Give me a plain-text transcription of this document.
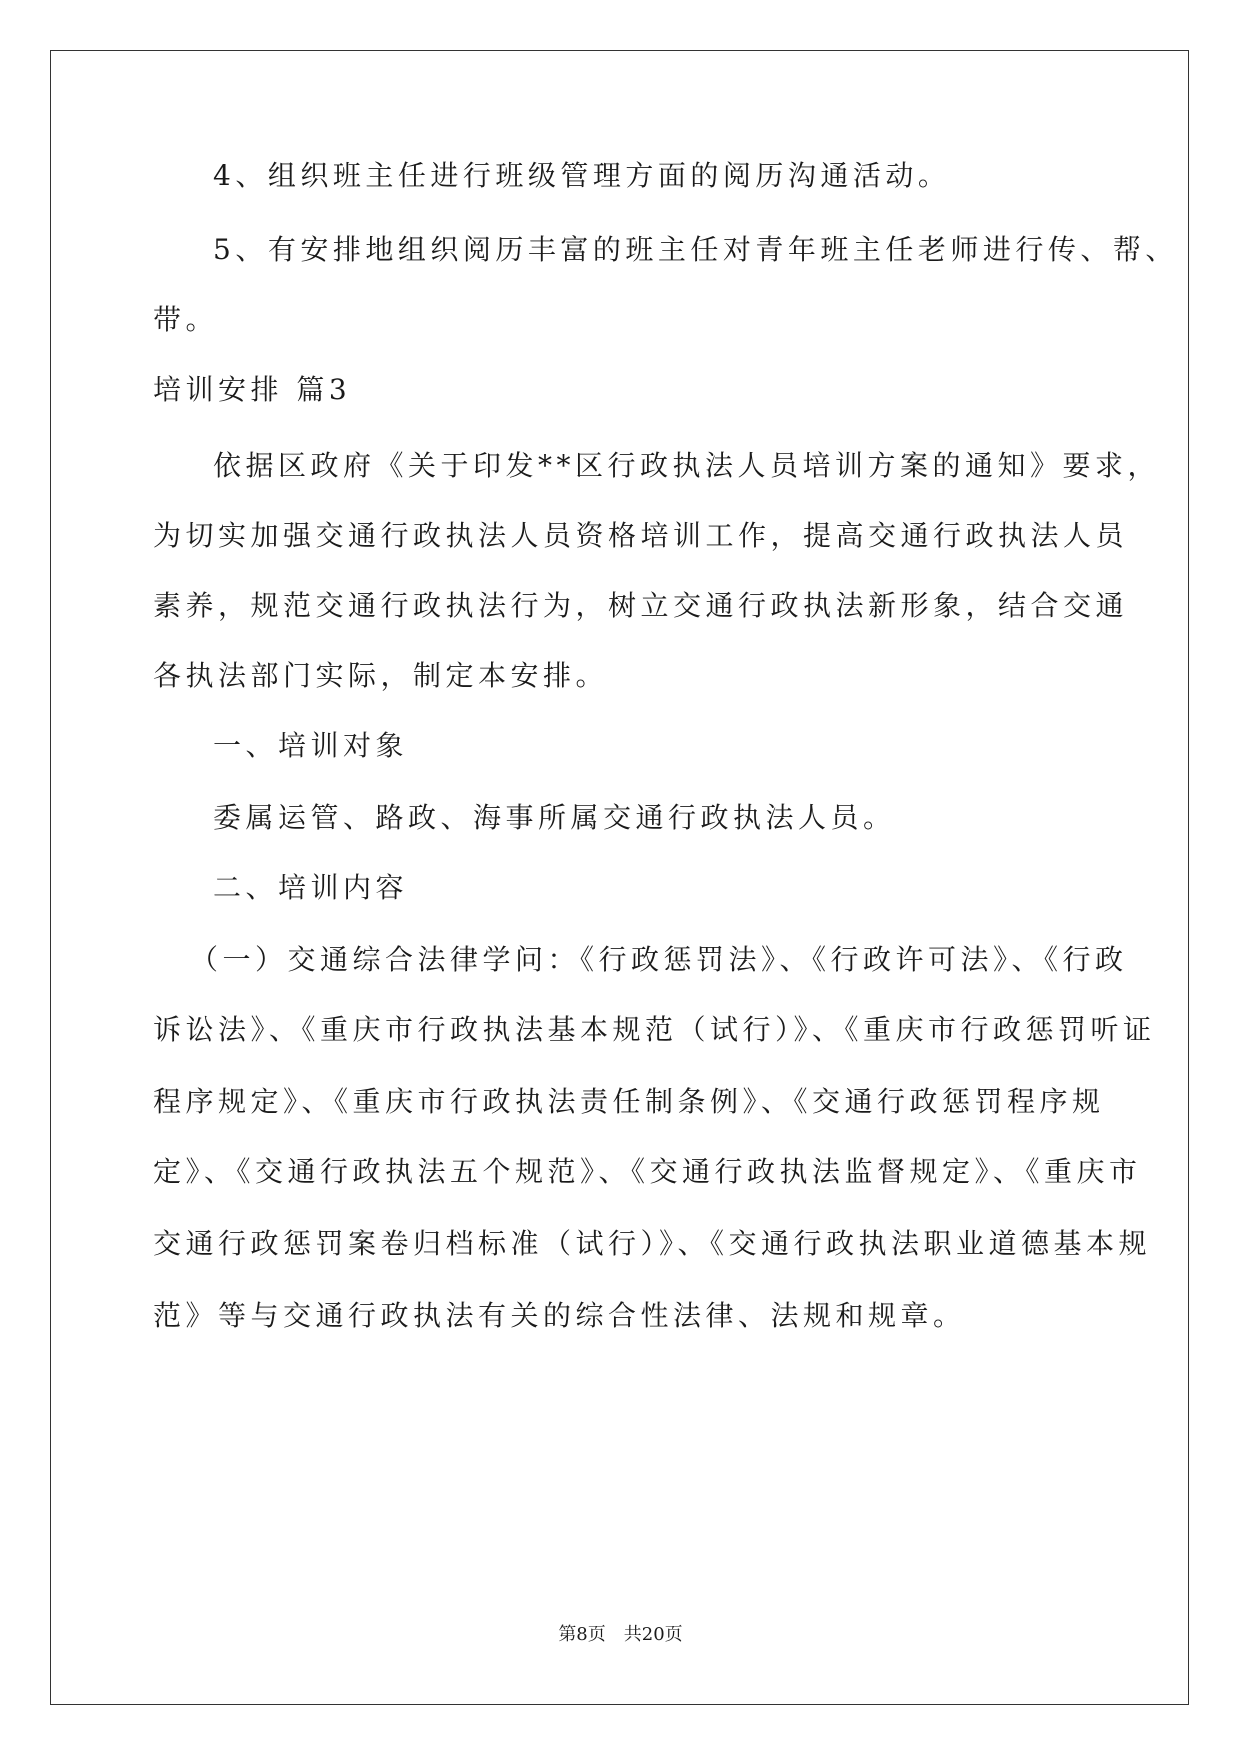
4、组织班主任进行班级管理方面的阅历沟通活动。
5、有安排地组织阅历丰富的班主任对青年班主任老师进行传、帮、
带。
培训安排 篇3
依据区政府《关于印发**区行政执法人员培训方案的通知》要求，
为切实加强交通行政执法人员资格培训工作，提高交通行政执法人员
素养，规范交通行政执法行为，树立交通行政执法新形象，结合交通
各执法部门实际，制定本安排。
一、培训对象
委属运管、路政、海事所属交通行政执法人员。
二、培训内容
（一）交通综合法律学问：《行政惩罚法》、《行政许可法》、《行政
诉讼法》、《重庆市行政执法基本规范（试行）》、《重庆市行政惩罚听证
程序规定》、《重庆市行政执法责任制条例》、《交通行政惩罚程序规
定》、《交通行政执法五个规范》、《交通行政执法监督规定》、《重庆市
交通行政惩罚案卷归档标准（试行）》、《交通行政执法职业道德基本规
范》等与交通行政执法有关的综合性法律、法规和规章。
第8页　共20页
